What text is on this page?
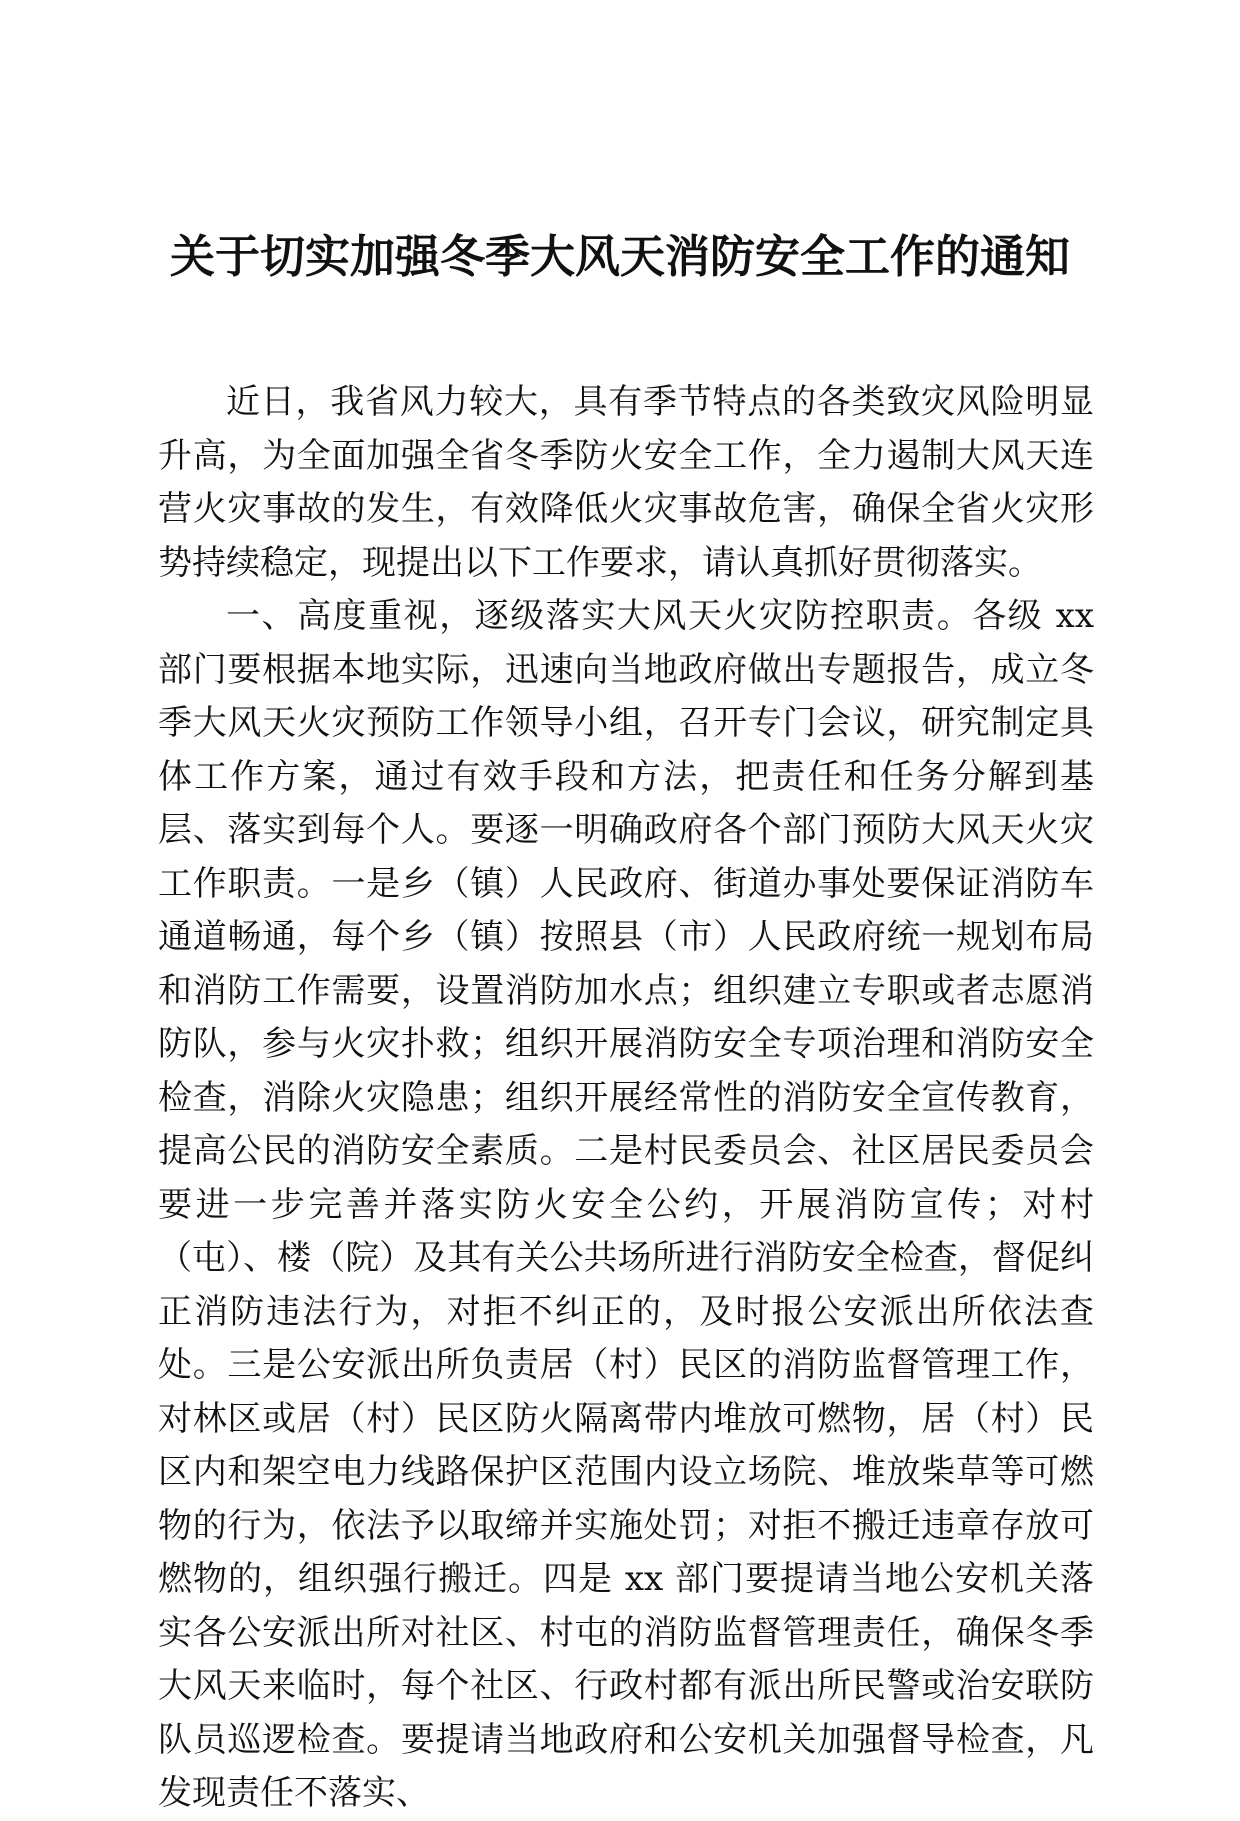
关于切实加强冬季大风天消防安全工作的通知

近日，我省风力较大，具有季节特点的各类致灾风险明显升高，为全面加强全省冬季防火安全工作，全力遏制大风天连营火灾事故的发生，有效降低火灾事故危害，确保全省火灾形势持续稳定，现提出以下工作要求，请认真抓好贯彻落实。

一、高度重视，逐级落实大风天火灾防控职责。各级 xx 部门要根据本地实际，迅速向当地政府做出专题报告，成立冬季大风天火灾预防工作领导小组，召开专门会议，研究制定具体工作方案，通过有效手段和方法，把责任和任务分解到基层、落实到每个人。要逐一明确政府各个部门预防大风天火灾工作职责。一是乡（镇）人民政府、街道办事处要保证消防车通道畅通，每个乡（镇）按照县（市）人民政府统一规划布局和消防工作需要，设置消防加水点；组织建立专职或者志愿消防队，参与火灾扑救；组织开展消防安全专项治理和消防安全检查，消除火灾隐患；组织开展经常性的消防安全宣传教育，提高公民的消防安全素质。二是村民委员会、社区居民委员会要进一步完善并落实防火安全公约，开展消防宣传；对村（屯）、楼（院）及其有关公共场所进行消防安全检查，督促纠正消防违法行为，对拒不纠正的，及时报公安派出所依法查处。三是公安派出所负责居（村）民区的消防监督管理工作，对林区或居（村）民区防火隔离带内堆放可燃物，居（村）民区内和架空电力线路保护区范围内设立场院、堆放柴草等可燃物的行为，依法予以取缔并实施处罚；对拒不搬迁违章存放可燃物的，组织强行搬迁。四是 xx 部门要提请当地公安机关落实各公安派出所对社区、村屯的消防监督管理责任，确保冬季大风天来临时，每个社区、行政村都有派出所民警或治安联防队员巡逻检查。要提请当地政府和公安机关加强督导检查，凡发现责任不落实、
